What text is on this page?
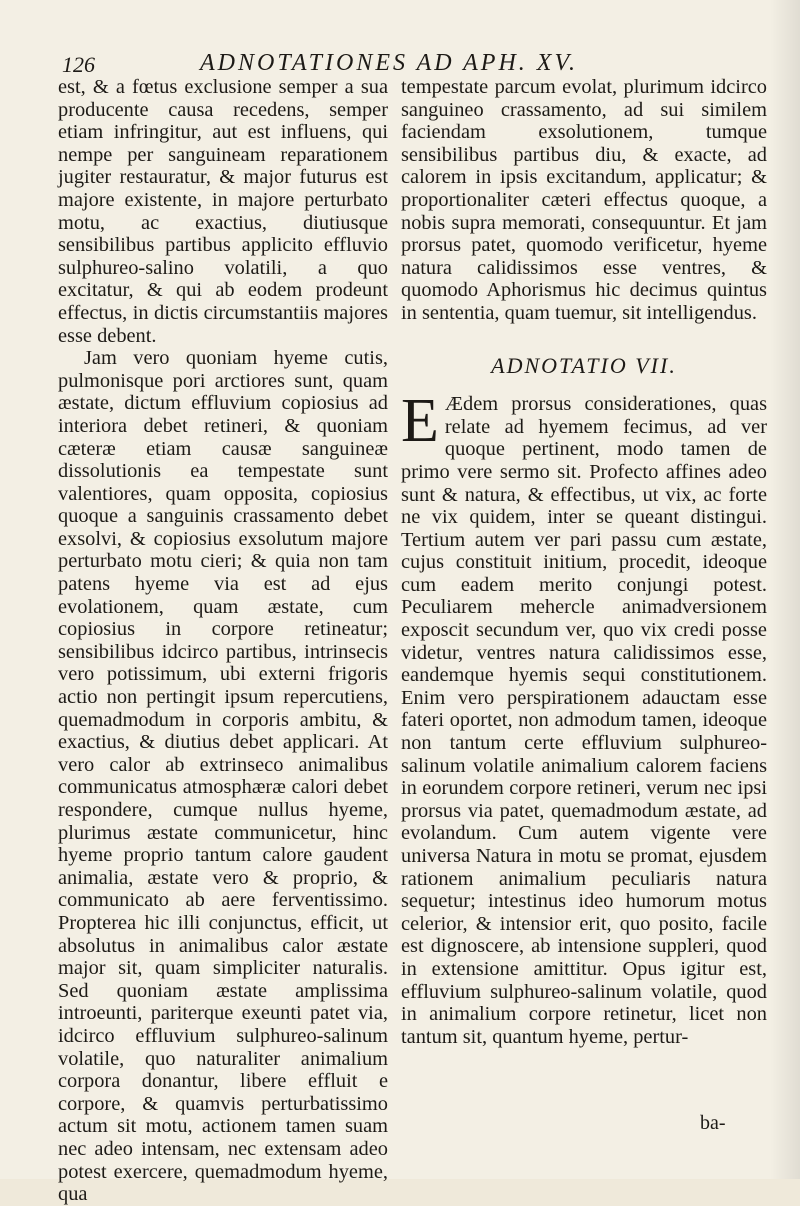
126	ADNOTATIONES AD APH. XV.

est, & a fœtus exclusione semper a sua producente causa recedens, semper etiam infringitur, aut est influens, qui nempe per sanguineam reparationem jugiter restauratur, & major futurus est majore existente, in majore perturbato motu, ac exactius, diutiusque sensibilibus partibus applicito effluvio sulphureo-salino volatili, a quo excitatur, & qui ab eodem prodeunt effectus, in dictis circumstantiis majores esse debent.

Jam vero quoniam hyeme cutis, pulmonisque pori arctiores sunt, quam æstate, dictum effluvium copiosius ad interiora debet retineri, & quoniam cæteræ etiam causæ sanguineæ dissolutionis ea tempestate sunt valentiores, quam opposita, copiosius quoque a sanguinis crassamento debet exsolvi, & copiosius exsolutum majore perturbato motu cieri; & quia non tam patens hyeme via est ad ejus evolationem, quam æstate, cum copiosius in corpore retineatur; sensibilibus idcirco partibus, intrinsecis vero potissimum, ubi externi frigoris actio non pertingit ipsum repercutiens, quemadmodum in corporis ambitu, & exactius, & diutius debet applicari. At vero calor ab extrinseco animalibus communicatus atmosphæræ calori debet respondere, cumque nullus hyeme, plurimus æstate communicetur, hinc hyeme proprio tantum calore gaudent animalia, æstate vero & proprio, & communicato ab aere ferventissimo. Propterea hic illi conjunctus, efficit, ut absolutus in animalibus calor æstate major sit, quam simpliciter naturalis. Sed quoniam æstate amplissima introeunti, pariterque exeunti patet via, idcirco effluvium sulphureo-salinum volatile, quo naturaliter animalium corpora donantur, libere effluit e corpore, & quamvis perturbatissimo actum sit motu, actionem tamen suam nec adeo intensam, nec extensam adeo potest exercere, quemadmodum hyeme, qua

tempestate parcum evolat, plurimum idcirco sanguineo crassamento, ad sui similem faciendam exsolutionem, tumque sensibilibus partibus diu, & exacte, ad calorem in ipsis excitandum, applicatur; & proportionaliter cæteri effectus quoque, a nobis supra memorati, consequuntur. Et jam prorsus patet, quomodo verificetur, hyeme natura calidissimos esse ventres, & quomodo Aphorismus hic decimus quintus in sententia, quam tuemur, sit intelligendus.

ADNOTATIO VII.

E Ædem prorsus considerationes, quas relate ad hyemem fecimus, ad ver quoque pertinent, modo tamen de primo vere sermo sit. Profecto affines adeo sunt & natura, & effectibus, ut vix, ac forte ne vix quidem, inter se queant distingui. Tertium autem ver pari passu cum æstate, cujus constituit initium, procedit, ideoque cum eadem merito conjungi potest. Peculiarem mehercle animadversionem exposcit secundum ver, quo vix credi posse videtur, ventres natura calidissimos esse, eandemque hyemis sequi constitutionem. Enim vero perspirationem adauctam esse fateri oportet, non admodum tamen, ideoque non tantum certe effluvium sulphureo-salinum volatile animalium calorem faciens in eorundem corpore retineri, verum nec ipsi prorsus via patet, quemadmodum æstate, ad evolandum. Cum autem vigente vere universa Natura in motu se promat, ejusdem rationem animalium peculiaris natura sequetur; intestinus ideo humorum motus celerior, & intensior erit, quo posito, facile est dignoscere, ab intensione suppleri, quod in extensione amittitur. Opus igitur est, effluvium sulphureo-salinum volatile, quod in animalium corpore retinetur, licet non tantum sit, quantum hyeme, pertur-

ba-
